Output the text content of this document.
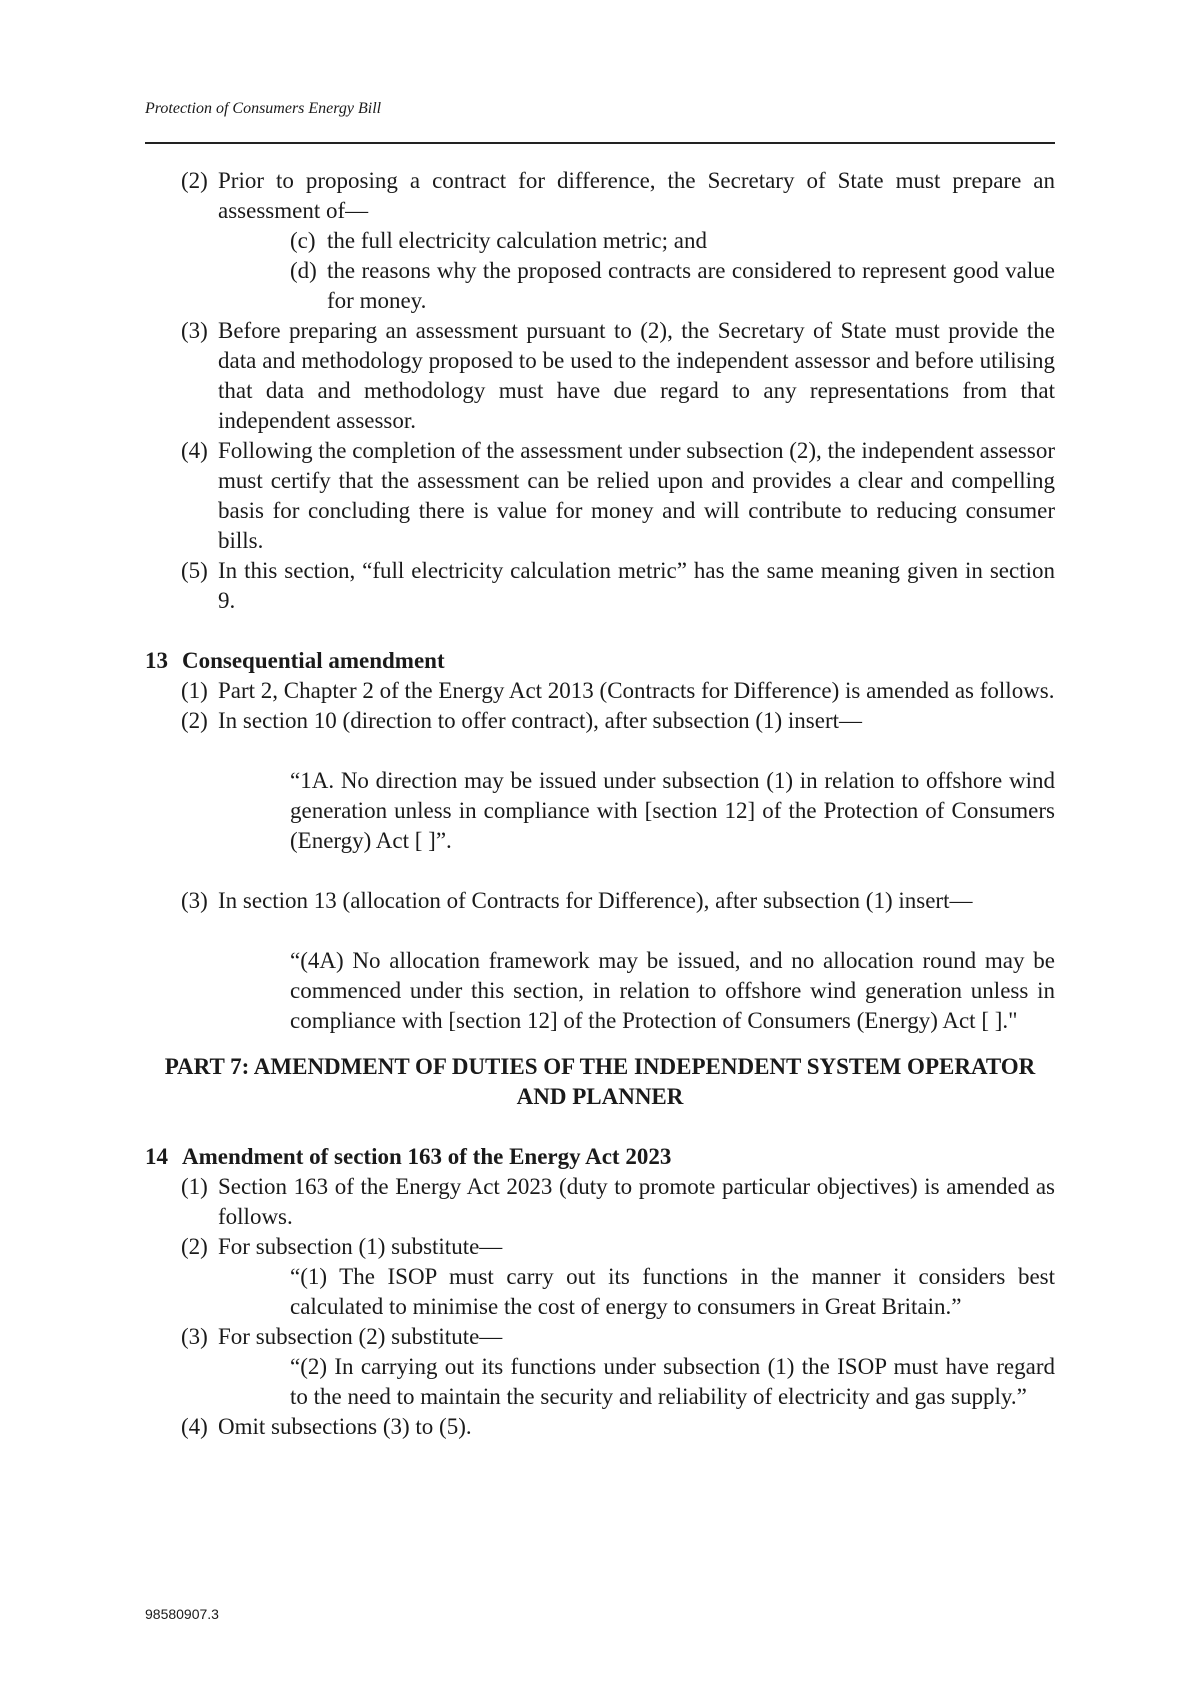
Protection of Consumers Energy Bill
(2) Prior to proposing a contract for difference, the Secretary of State must prepare an assessment of—
(c) the full electricity calculation metric; and
(d) the reasons why the proposed contracts are considered to represent good value for money.
(3) Before preparing an assessment pursuant to (2), the Secretary of State must provide the data and methodology proposed to be used to the independent assessor and before utilising that data and methodology must have due regard to any representations from that independent assessor.
(4) Following the completion of the assessment under subsection (2), the independent assessor must certify that the assessment can be relied upon and provides a clear and compelling basis for concluding there is value for money and will contribute to reducing consumer bills.
(5) In this section, “full electricity calculation metric” has the same meaning given in section 9.
13 Consequential amendment
(1) Part 2, Chapter 2 of the Energy Act 2013 (Contracts for Difference) is amended as follows.
(2) In section 10 (direction to offer contract), after subsection (1) insert—
“1A. No direction may be issued under subsection (1) in relation to offshore wind generation unless in compliance with [section 12] of the Protection of Consumers (Energy) Act [ ]”.
(3) In section 13 (allocation of Contracts for Difference), after subsection (1) insert—
“(4A) No allocation framework may be issued, and no allocation round may be commenced under this section, in relation to offshore wind generation unless in compliance with [section 12] of the Protection of Consumers (Energy) Act [ ]."
PART 7: AMENDMENT OF DUTIES OF THE INDEPENDENT SYSTEM OPERATOR
AND PLANNER
14 Amendment of section 163 of the Energy Act 2023
(1) Section 163 of the Energy Act 2023 (duty to promote particular objectives) is amended as follows.
(2) For subsection (1) substitute—
“(1) The ISOP must carry out its functions in the manner it considers best calculated to minimise the cost of energy to consumers in Great Britain.”
(3) For subsection (2) substitute—
“(2) In carrying out its functions under subsection (1) the ISOP must have regard to the need to maintain the security and reliability of electricity and gas supply.”
(4) Omit subsections (3) to (5).
98580907.3
